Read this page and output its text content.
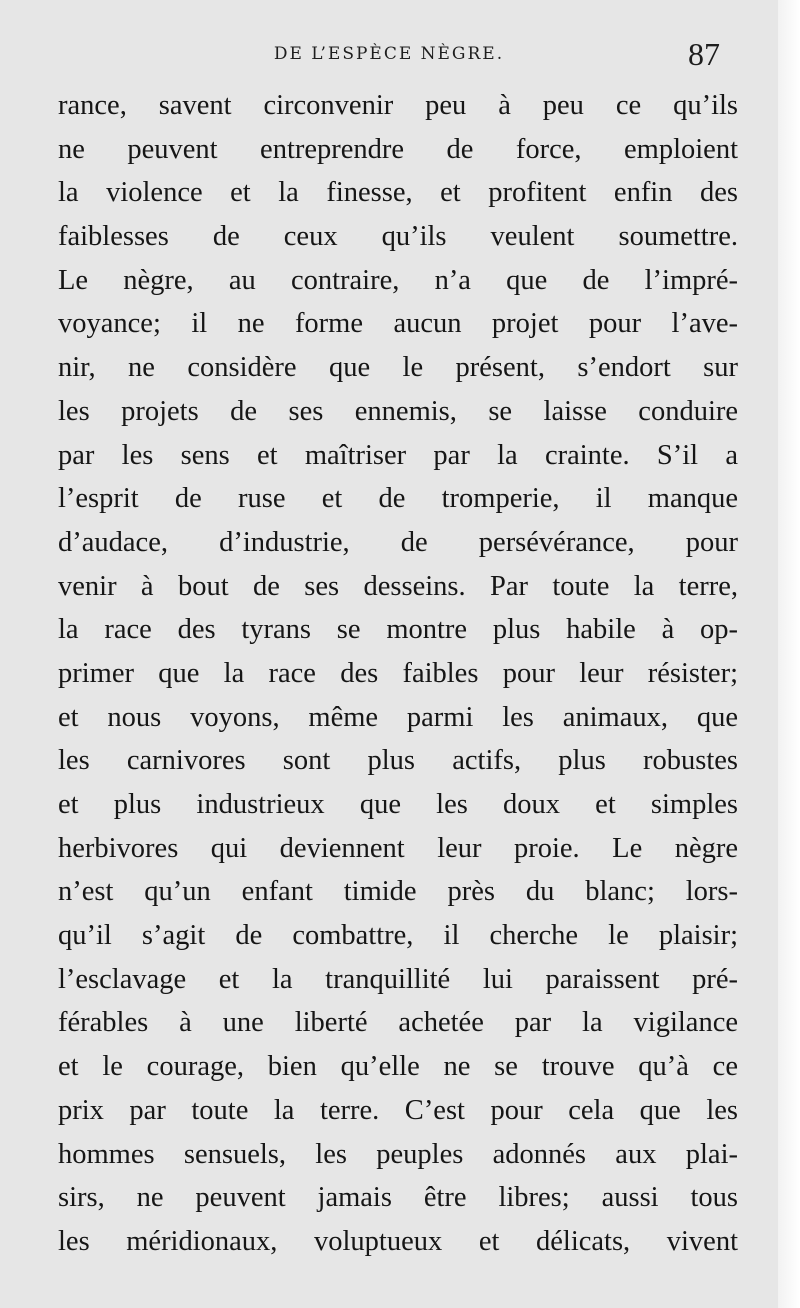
DE L’ESPÈCE NÈGRE.	87
rance, savent circonvenir peu à peu ce qu’ils
ne peuvent entreprendre de force, emploient
la violence et la finesse, et profitent enfin des
faiblesses de ceux qu’ils veulent soumettre.
Le nègre, au contraire, n’a que de l’impré-
voyance; il ne forme aucun projet pour l’ave-
nir, ne considère que le présent, s’endort sur
les projets de ses ennemis, se laisse conduire
par les sens et maîtriser par la crainte. S’il a
l’esprit de ruse et de tromperie, il manque
d’audace, d’industrie, de persévérance, pour
venir à bout de ses desseins. Par toute la terre,
la race des tyrans se montre plus habile à op-
primer que la race des faibles pour leur résister;
et nous voyons, même parmi les animaux, que
les carnivores sont plus actifs, plus robustes
et plus industrieux que les doux et simples
herbivores qui deviennent leur proie. Le nègre
n’est qu’un enfant timide près du blanc; lors-
qu’il s’agit de combattre, il cherche le plaisir;
l’esclavage et la tranquillité lui paraissent pré-
férables à une liberté achetée par la vigilance
et le courage, bien qu’elle ne se trouve qu’à ce
prix par toute la terre. C’est pour cela que les
hommes sensuels, les peuples adonnés aux plai-
sirs, ne peuvent jamais être libres; aussi tous
les méridionaux, voluptueux et délicats, vivent
